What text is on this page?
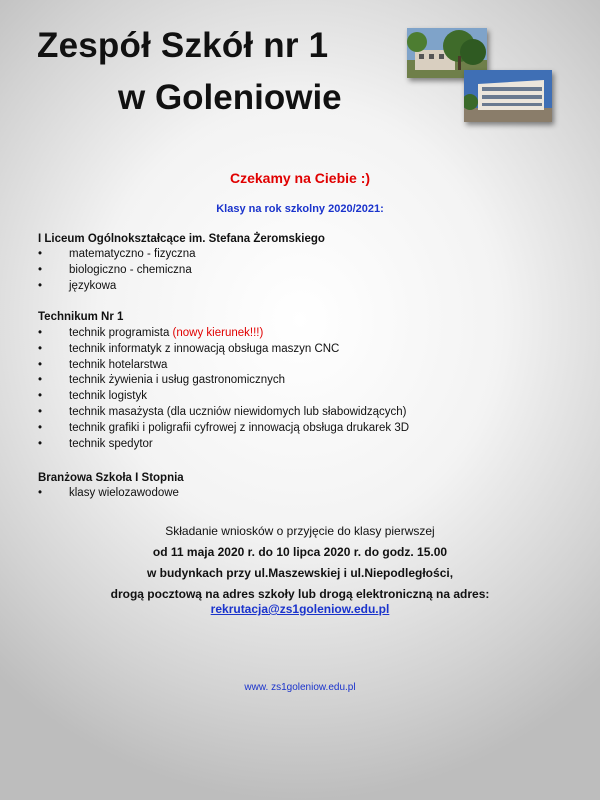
Zespół Szkół nr 1
w Goleniowie
Czekamy na Ciebie :)
Klasy na rok szkolny 2020/2021:
I Liceum Ogólnokształcące im. Stefana Żeromskiego
• matematyczno - fizyczna
• biologiczno - chemiczna
• językowa
Technikum Nr 1
• technik programista (nowy kierunek!!!)
• technik informatyk z innowacją obsługa maszyn CNC
• technik hotelarstwa
• technik żywienia i usług gastronomicznych
• technik logistyk
• technik masażysta (dla uczniów niewidomych lub słabowidzących)
• technik grafiki i poligrafii cyfrowej z innowacją obsługa drukarek 3D
• technik spedytor
Branżowa Szkoła I Stopnia
• klasy wielozawodowe
Składanie wniosków o przyjęcie do klasy pierwszej
od 11 maja 2020 r. do 10 lipca 2020 r. do godz. 15.00
w budynkach przy ul.Maszewskiej i ul.Niepodległości,
drogą pocztową na adres szkoły lub drogą elektroniczną na adres:
rekrutacja@zs1goleniow.edu.pl
www. zs1goleniow.edu.pl
